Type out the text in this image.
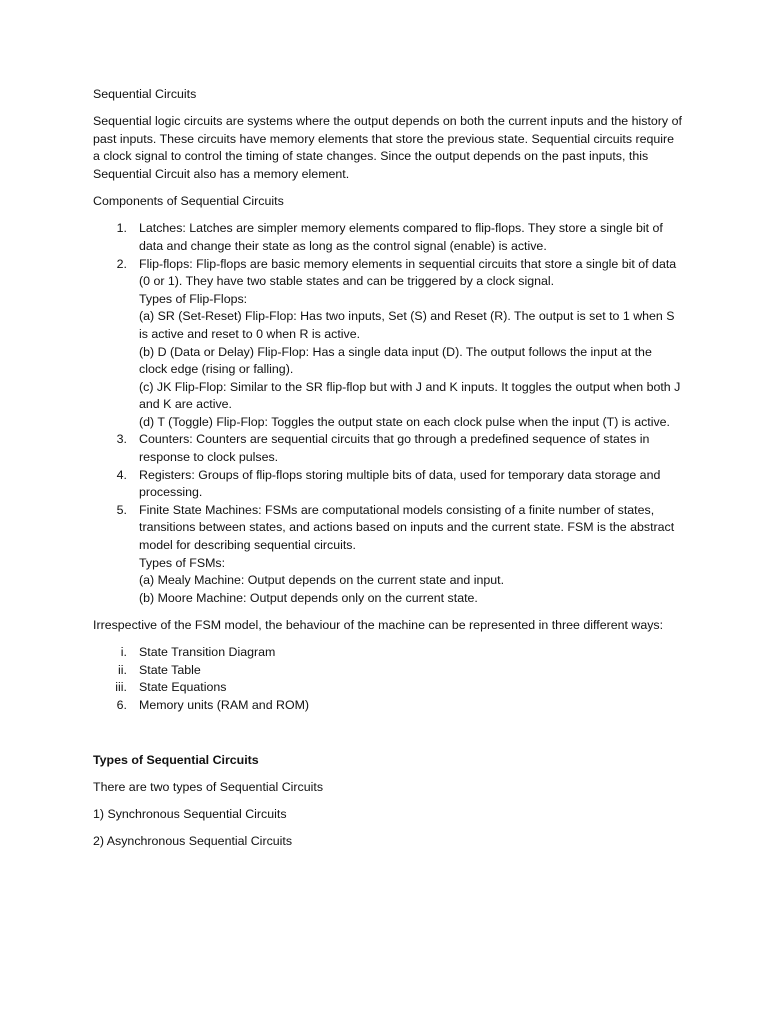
Sequential Circuits

Sequential logic circuits are systems where the output depends on both the current inputs and the history of past inputs. These circuits have memory elements that store the previous state. Sequential circuits require a clock signal to control the timing of state changes. Since the output depends on the past inputs, this Sequential Circuit also has a memory element.

Components of Sequential Circuits

1. Latches: Latches are simpler memory elements compared to flip-flops. They store a single bit of data and change their state as long as the control signal (enable) is active.
2. Flip-flops: Flip-flops are basic memory elements in sequential circuits that store a single bit of data (0 or 1). They have two stable states and can be triggered by a clock signal.
Types of Flip-Flops:
(a) SR (Set-Reset) Flip-Flop: Has two inputs, Set (S) and Reset (R). The output is set to 1 when S is active and reset to 0 when R is active.
(b) D (Data or Delay) Flip-Flop: Has a single data input (D). The output follows the input at the clock edge (rising or falling).
(c) JK Flip-Flop: Similar to the SR flip-flop but with J and K inputs. It toggles the output when both J and K are active.
(d) T (Toggle) Flip-Flop: Toggles the output state on each clock pulse when the input (T) is active.
3. Counters: Counters are sequential circuits that go through a predefined sequence of states in response to clock pulses.
4. Registers: Groups of flip-flops storing multiple bits of data, used for temporary data storage and processing.
5. Finite State Machines: FSMs are computational models consisting of a finite number of states, transitions between states, and actions based on inputs and the current state. FSM is the abstract model for describing sequential circuits.
Types of FSMs:
(a) Mealy Machine: Output depends on the current state and input.
(b) Moore Machine: Output depends only on the current state.

Irrespective of the FSM model, the behaviour of the machine can be represented in three different ways:

i. State Transition Diagram
ii. State Table
iii. State Equations
6. Memory units (RAM and ROM)

Types of Sequential Circuits

There are two types of Sequential Circuits

1) Synchronous Sequential Circuits

2) Asynchronous Sequential Circuits
